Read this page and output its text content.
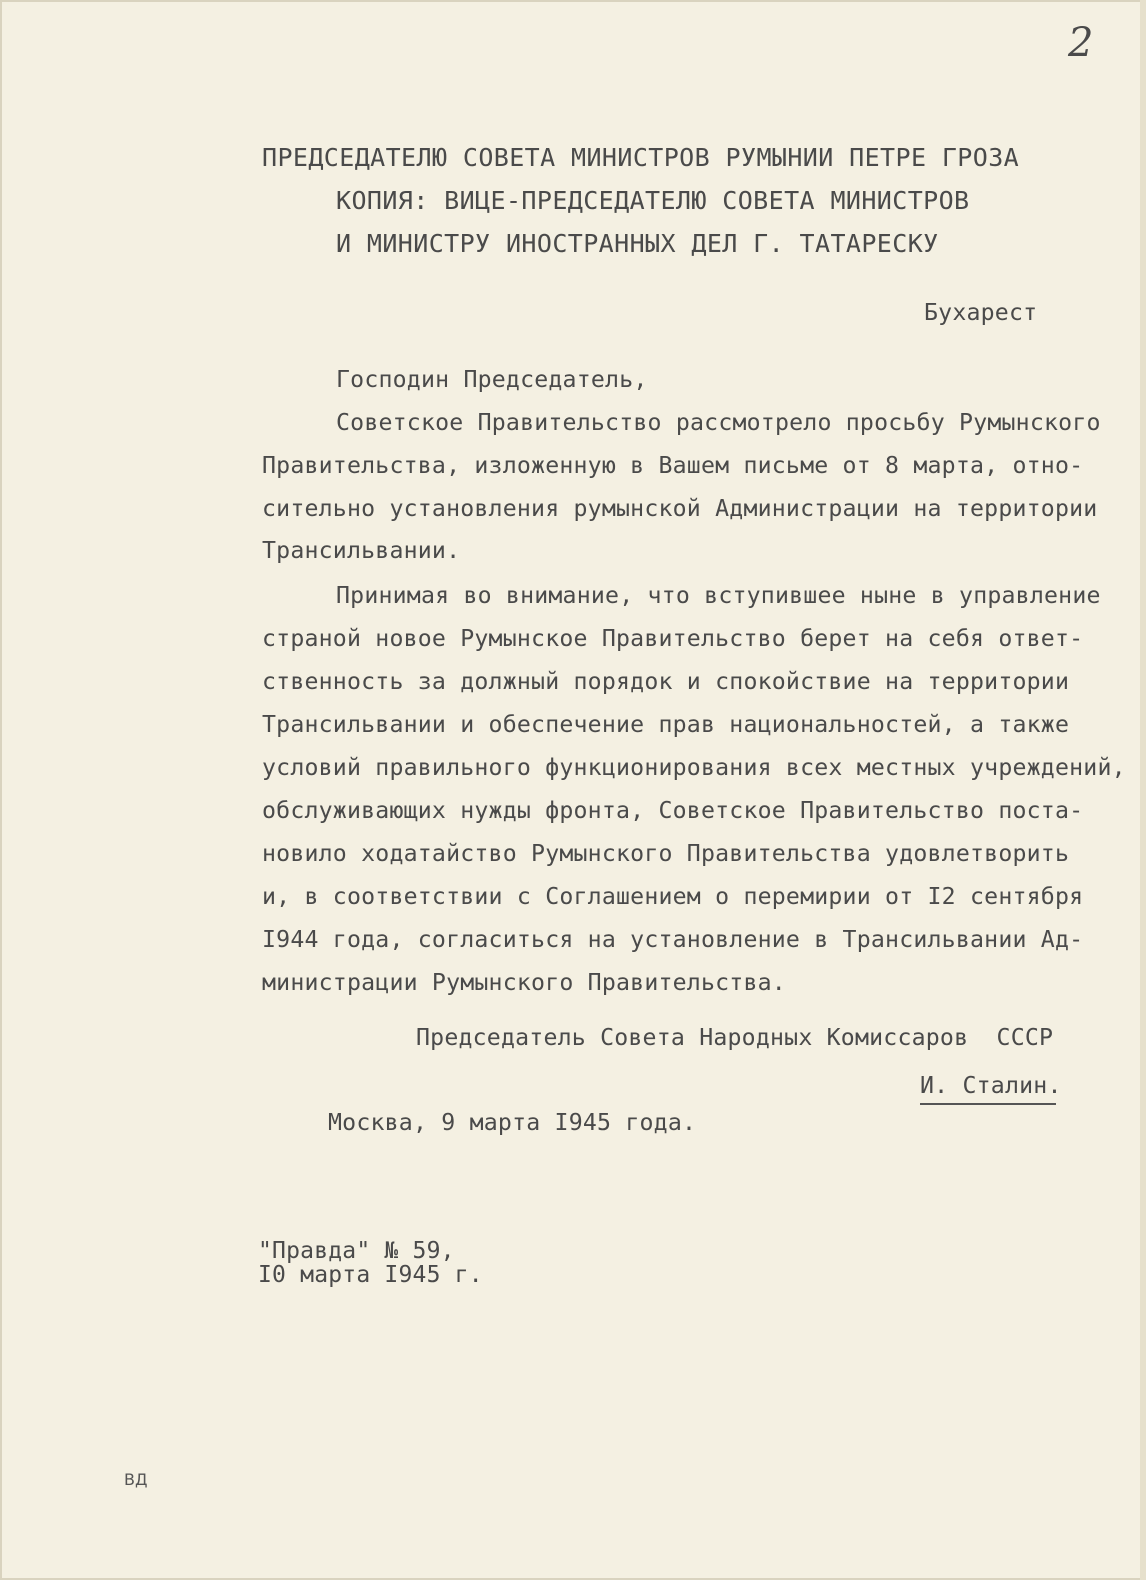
2
ПРЕДСЕДАТЕЛЮ СОВЕТА МИНИСТРОВ РУМЫНИИ ПЕТРЕ ГРОЗА
КОПИЯ: ВИЦЕ-ПРЕДСЕДАТЕЛЮ СОВЕТА МИНИСТРОВ
И МИНИСТРУ ИНОСТРАННЫХ ДЕЛ Г. ТАТАРЕСКУ
Бухарест
Господин Председатель,
Советское Правительство рассмотрело просьбу Румынского
Правительства, изложенную в Вашем письме от 8 марта, отно-
сительно установления румынской Администрации на территории
Трансильвании.
Принимая во внимание, что вступившее ныне в управление
страной новое Румынское Правительство берет на себя ответ-
ственность за должный порядок и спокойствие на территории
Трансильвании и обеспечение прав национальностей, а также
условий правильного функционирования всех местных учреждений,
обслуживающих нужды фронта, Советское Правительство поста-
новило ходатайство Румынского Правительства удовлетворить
и, в соответствии с Соглашением о перемирии от I2 сентября
I944 года, согласиться на установление в Трансильвании Ад-
министрации Румынского Правительства.
Председатель Совета Народных Комиссаров  СССР
И. Сталин.
Москва, 9 марта I945 года.
"Правда" № 59,
I0 марта I945 г.
ВД
